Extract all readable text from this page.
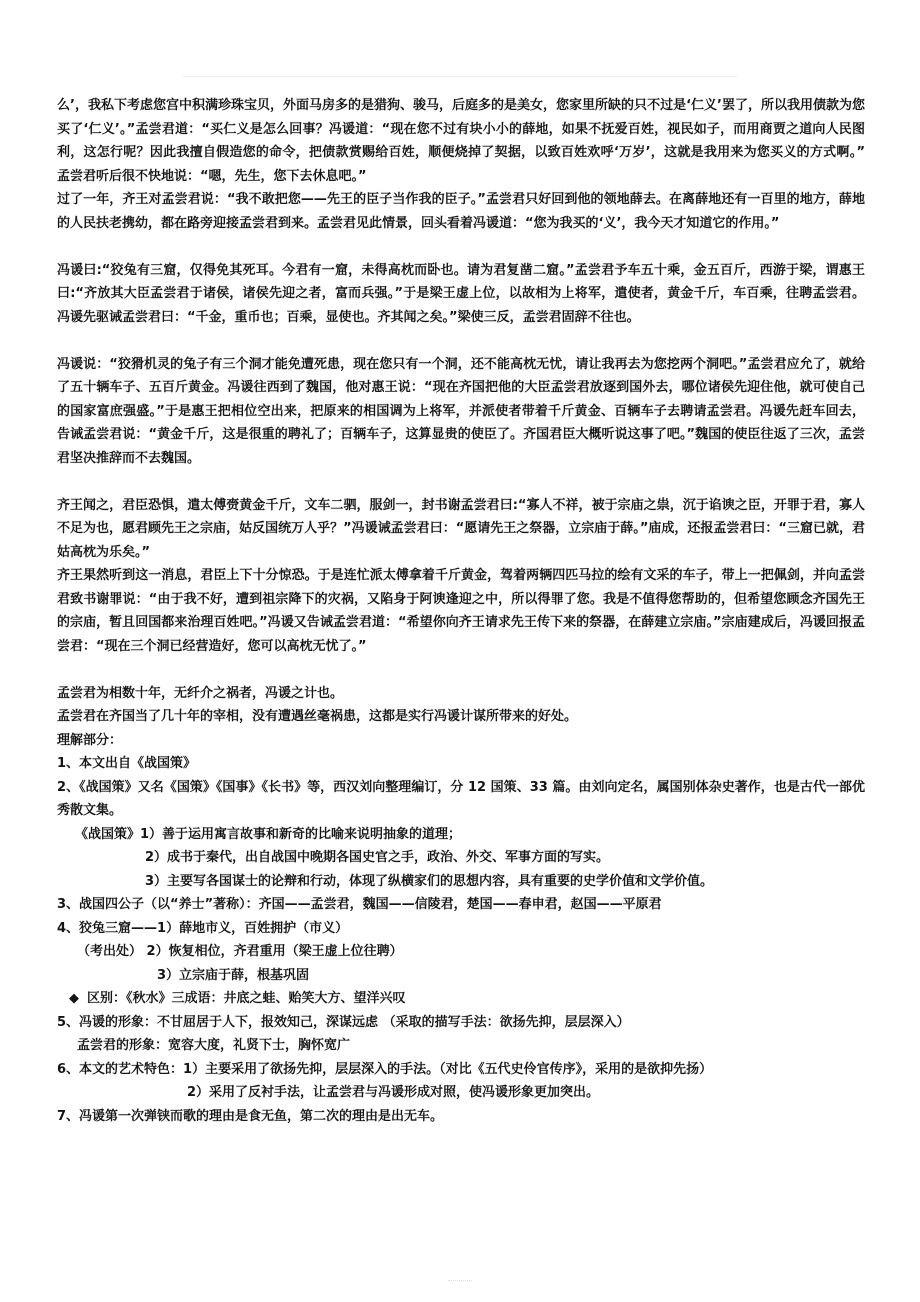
么’，我私下考虑您宫中积满珍珠宝贝，外面马房多的是猎狗、骏马，后庭多的是美女，您家里所缺的只不过是‘仁义’罢了，所以我用债款为您买了‘仁义’。”孟尝君道：“买仁义是怎么回事？冯谖道：“现在您不过有块小小的薛地，如果不抚爱百姓，视民如子，而用商贾之道向人民图利，这怎行呢？因此我擅自假造您的命令，把债款赏赐给百姓，顺便烧掉了契据，以致百姓欢呼‘万岁’，这就是我用来为您买义的方式啊。” 孟尝君听后很不快地说：“嗯，先生，您下去休息吧。”

过了一年，齐王对孟尝君说：“我不敢把您——先王的臣子当作我的臣子。”孟尝君只好回到他的领地薛去。在离薛地还有一百里的地方，薛地的人民扶老携幼，都在路旁迎接孟尝君到来。孟尝君见此情景，回头看着冯谖道：“您为我买的‘义’，我今天才知道它的作用。”

冯谖曰:“狡兔有三窟，仅得免其死耳。今君有一窟，未得高枕而卧也。请为君复凿二窟。”孟尝君予车五十乘，金五百斤，西游于梁，谓惠王曰:“齐放其大臣孟尝君于诸侯，诸侯先迎之者，富而兵强。”于是梁王虚上位，以故相为上将军，遣使者，黄金千斤，车百乘，往聘孟尝君。冯谖先驱诫孟尝君曰：“千金，重币也；百乘，显使也。齐其闻之矣。”梁使三反，孟尝君固辞不往也。

冯谖说：“狡猾机灵的兔子有三个洞才能免遭死患，现在您只有一个洞，还不能高枕无忧，请让我再去为您挖两个洞吧。”孟尝君应允了，就给了五十辆车子、五百斤黄金。冯谖往西到了魏国，他对惠王说：“现在齐国把他的大臣孟尝君放逐到国外去，哪位诸侯先迎住他，就可使自己的国家富庶强盛。”于是惠王把相位空出来，把原来的相国调为上将军，并派使者带着千斤黄金、百辆车子去聘请孟尝君。冯谖先赶车回去，告诫孟尝君说：“黄金千斤，这是很重的聘礼了；百辆车子，这算显贵的使臣了。齐国君臣大概听说这事了吧。”魏国的使臣往返了三次，孟尝君坚决推辞而不去魏国。

齐王闻之，君臣恐惧，遣太傅赍黄金千斤，文车二驷，服剑一，封书谢孟尝君曰:“寡人不祥，被于宗庙之祟，沉于谄谀之臣，开罪于君，寡人不足为也，愿君顾先王之宗庙，姑反国统万人乎？”冯谖诫孟尝君曰：“愿请先王之祭器，立宗庙于薛。”庙成，还报孟尝君曰：“三窟已就，君姑高枕为乐矣。”

齐王果然听到这一消息，君臣上下十分惊恐。于是连忙派太傅拿着千斤黄金，驾着两辆四匹马拉的绘有文采的车子，带上一把佩剑，并向孟尝君致书谢罪说：“由于我不好，遭到祖宗降下的灾祸，又陷身于阿谀逢迎之中，所以得罪了您。我是不值得您帮助的，但希望您顾念齐国先王的宗庙，暂且回国都来治理百姓吧。”冯谖又告诫孟尝君道：“希望你向齐王请求先王传下来的祭器，在薛建立宗庙。”宗庙建成后，冯谖回报孟尝君：“现在三个洞已经营造好，您可以高枕无忧了。”

孟尝君为相数十年，无纤介之祸者，冯谖之计也。

孟尝君在齐国当了几十年的宰相，没有遭遇丝毫祸患，这都是实行冯谖计谋所带来的好处。

理解部分：

1、本文出自《战国策》

2、《战国策》又名《国策》《国事》《长书》等，西汉刘向整理编订，分 12 国策、33 篇。由刘向定名，属国别体杂史著作，也是古代一部优秀散文集。

《战国策》1）善于运用寓言故事和新奇的比喻来说明抽象的道理；

2）成书于秦代，出自战国中晚期各国史官之手，政治、外交、军事方面的写实。

3）主要写各国谋士的论辩和行动，体现了纵横家们的思想内容，具有重要的史学价值和文学价值。

3、战国四公子（以“养士”著称）：齐国——孟尝君，魏国——信陵君，楚国——春申君，赵国——平原君

4、狡兔三窟——1）薛地市义，百姓拥护（市义）

（考出处） 2）恢复相位，齐君重用（梁王虚上位往聘）

3）立宗庙于薛，根基巩固

◆ 区别：《秋水》三成语：井底之蛙、贻笑大方、望洋兴叹

5、冯谖的形象：不甘屈居于人下，报效知己，深谋远虑 （采取的描写手法：欲扬先抑，层层深入）

孟尝君的形象：宽容大度，礼贤下士，胸怀宽广

6、本文的艺术特色：1）主要采用了欲扬先抑，层层深入的手法。（对比《五代史伶官传序》，采用的是欲抑先扬）

2）采用了反衬手法，让孟尝君与冯谖形成对照，使冯谖形象更加突出。

7、冯谖第一次弹铗而歌的理由是食无鱼，第二次的理由是出无车。
